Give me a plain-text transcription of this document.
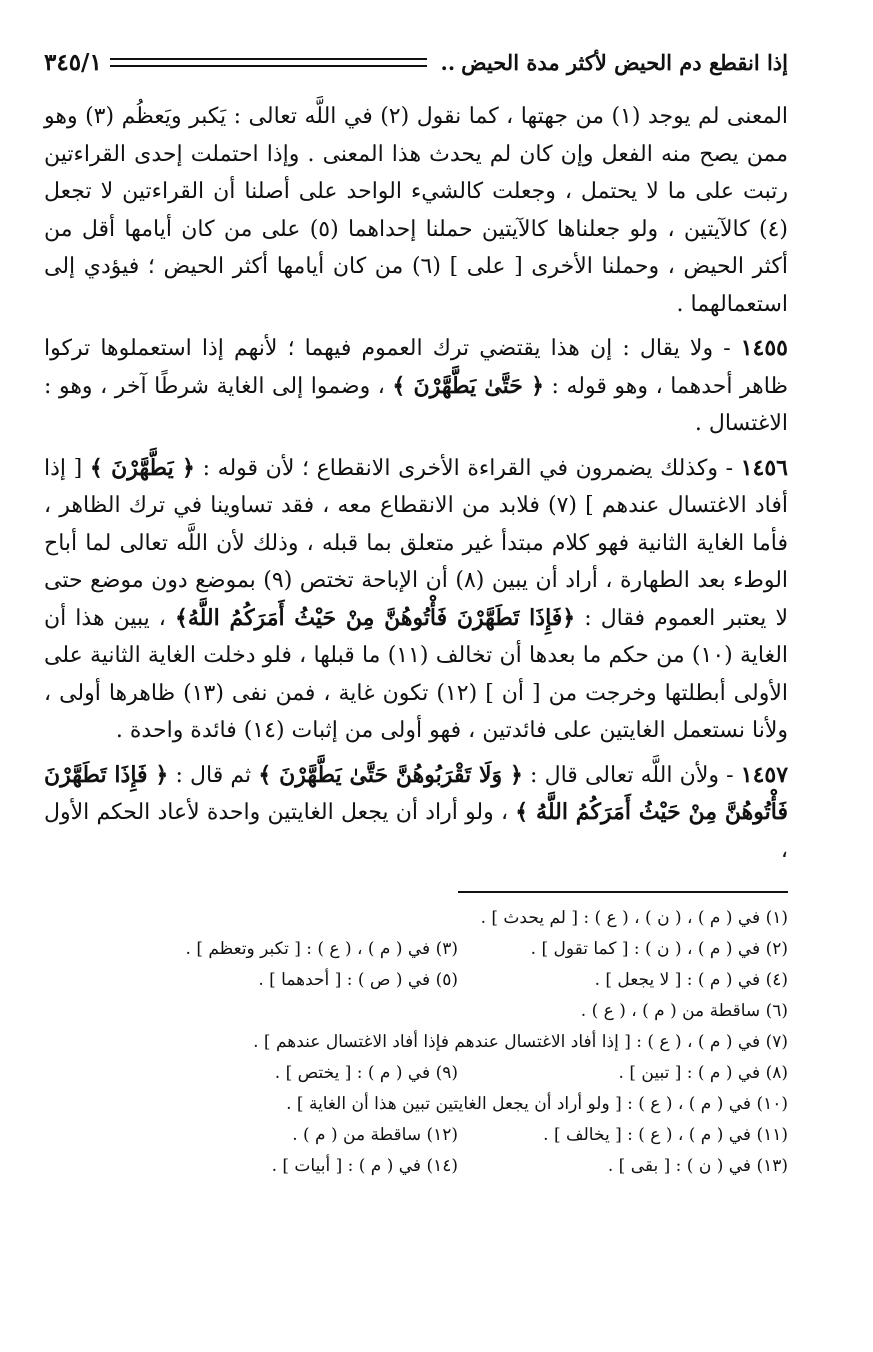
إذا انقطع دم الحيض لأكثر مدة الحيض
..
٣٤٥/١

المعنى لم يوجد (١) من جهتها ، كما نقول (٢) في اللَّه تعالى : يَكبر ويَعظُم (٣) وهو ممن يصح منه الفعل وإن كان لم يحدث هذا المعنى . وإذا احتملت إحدى القراءتين رتبت على ما لا يحتمل ، وجعلت كالشيء الواحد على أصلنا أن القراءتين لا تجعل (٤) كالآيتين ، ولو جعلناها كالآيتين حملنا إحداهما (٥) على من كان أيامها أقل من أكثر الحيض ، وحملنا الأخرى [ على ] (٦) من كان أيامها أكثر الحيض ؛ فيؤدي إلى استعمالهما .

١٤٥٥ - ولا يقال : إن هذا يقتضي ترك العموم فيهما ؛ لأنهم إذا استعملوها تركوا ظاهر أحدهما ، وهو قوله : ﴿ حَتَّىٰ يَطَّهَّرْنَ ﴾ ، وضموا إلى الغاية شرطًا آخر ، وهو : الاغتسال .

١٤٥٦ - وكذلك يضمرون في القراءة الأخرى الانقطاع ؛ لأن قوله : ﴿ يَطَّهَّرْنَ ﴾ [ إذا أفاد الاغتسال عندهم ] (٧) فلابد من الانقطاع معه ، فقد تساوينا في ترك الظاهر ، فأما الغاية الثانية فهو كلام مبتدأ غير متعلق بما قبله ، وذلك لأن اللَّه تعالى لما أباح الوطء بعد الطهارة ، أراد أن يبين (٨) أن الإباحة تختص (٩) بموضع دون موضع حتى لا يعتبر العموم فقال : ﴿فَإِذَا تَطَهَّرْنَ فَأْتُوهُنَّ مِنْ حَيْثُ أَمَرَكُمُ اللَّهُ﴾ ، يبين هذا أن الغاية (١٠) من حكم ما بعدها أن تخالف (١١) ما قبلها ، فلو دخلت الغاية الثانية على الأولى أبطلتها وخرجت من [ أن ] (١٢) تكون غاية ، فمن نفى (١٣) ظاهرها أولى ، ولأنا نستعمل الغايتين على فائدتين ، فهو أولى من إثبات (١٤) فائدة واحدة .

١٤٥٧ - ولأن اللَّه تعالى قال : ﴿ وَلَا تَقْرَبُوهُنَّ حَتَّىٰ يَطَّهَّرْنَ ﴾ ثم قال : ﴿ فَإِذَا تَطَهَّرْنَ فَأْتُوهُنَّ مِنْ حَيْثُ أَمَرَكُمُ اللَّهُ ﴾ ، ولو أراد أن يجعل الغايتين واحدة لأعاد الحكم الأول ،

(١) في ( م ) ، ( ن ) ، ( ع ) : [ لم يحدث ] .
(٢) في ( م ) ، ( ن ) : [ كما تقول ] .
(٣) في ( م ) ، ( ع ) : [ تكبر وتعظم ] .
(٤) في ( م ) : [ لا يجعل ] .
(٥) في ( ص ) : [ أحدهما ] .
(٦) ساقطة من ( م ) ، ( ع ) .
(٧) في ( م ) ، ( ع ) : [ إذا أفاد الاغتسال عندهم فإذا أفاد الاغتسال عندهم ] .
(٨) في ( م ) : [ تبين ] .
(٩) في ( م ) : [ يختص ] .
(١٠) في ( م ) ، ( ع ) : [ ولو أراد أن يجعل الغايتين تبين هذا أن الغاية ] .
(١١) في ( م ) ، ( ع ) : [ يخالف ] .
(١٢) ساقطة من ( م ) .
(١٣) في ( ن ) : [ بقى ] .
(١٤) في ( م ) : [ أبيات ] .
